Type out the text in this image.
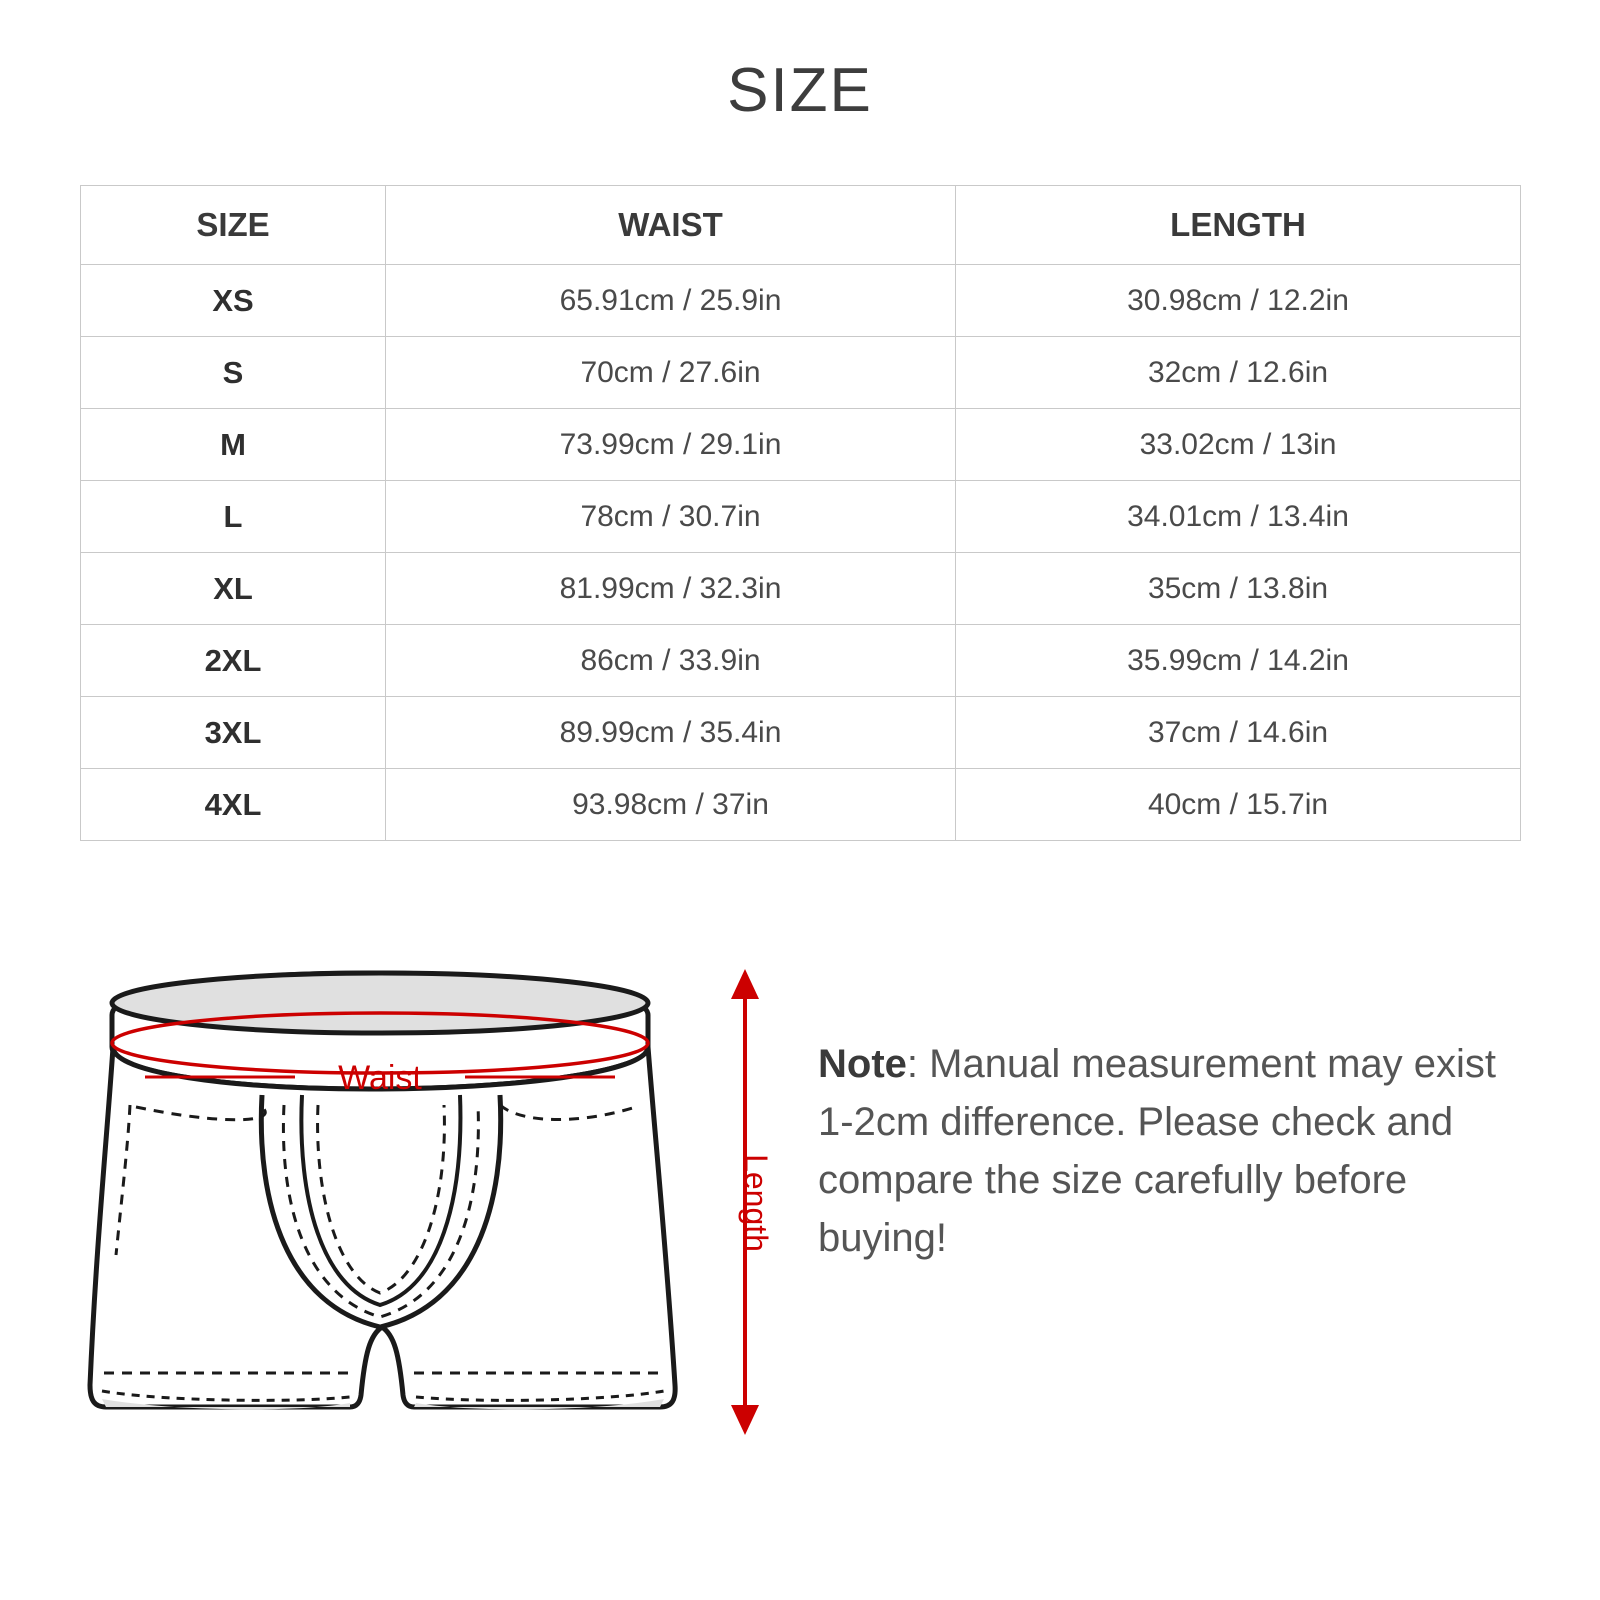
SIZE
SIZE	WAIST	LENGTH
XS	65.91cm / 25.9in	30.98cm / 12.2in
S	70cm / 27.6in	32cm / 12.6in
M	73.99cm / 29.1in	33.02cm / 13in
L	78cm / 30.7in	34.01cm / 13.4in
XL	81.99cm / 32.3in	35cm / 13.8in
2XL	86cm / 33.9in	35.99cm / 14.2in
3XL	89.99cm / 35.4in	37cm / 14.6in
4XL	93.98cm / 37in	40cm / 15.7in
Waist
Length
Note: Manual measurement may exist 1-2cm difference. Please check and compare the size carefully before buying!
